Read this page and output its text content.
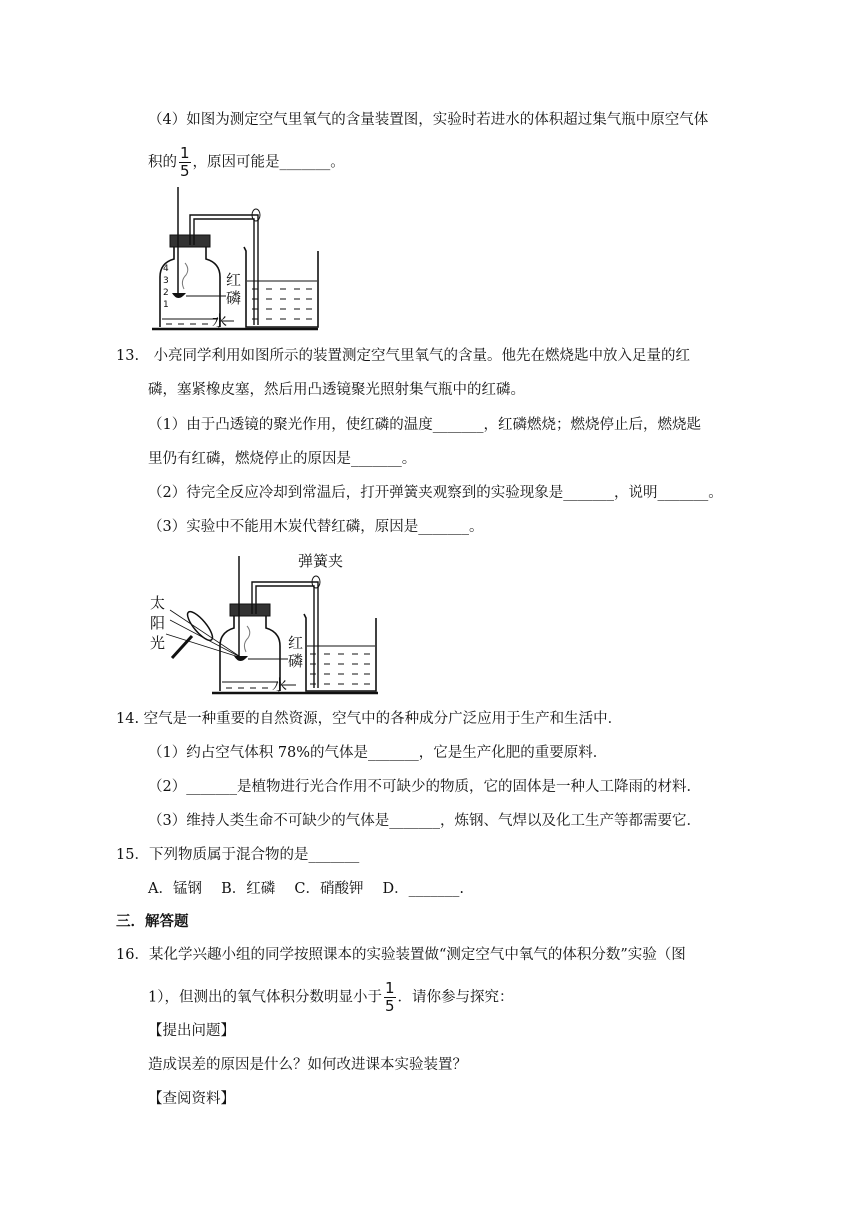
（4）如图为测定空气里氧气的含量装置图，实验时若进水的体积超过集气瓶中原空气体
积的 $\frac{1}{5}$ ，原因可能是_______。
4
3
2
1
红
磷
水
13.　小亮同学利用如图所示的装置测定空气里氧气的含量。他先在燃烧匙中放入足量的红
磷，塞紧橡皮塞，然后用凸透镜聚光照射集气瓶中的红磷。
（1）由于凸透镜的聚光作用，使红磷的温度_______，红磷燃烧；燃烧停止后，燃烧匙
里仍有红磷，燃烧停止的原因是_______。
（2）待完全反应冷却到常温后，打开弹簧夹观察到的实验现象是_______，说明_______。
（3）实验中不能用木炭代替红磷，原因是_______。
弹簧夹
太
阳
光	红
磷
水
14. 空气是一种重要的自然资源，空气中的各种成分广泛应用于生产和生活中．
（1）约占空气体积 78%的气体是_______，它是生产化肥的重要原料．
（2）_______是植物进行光合作用不可缺少的物质，它的固体是一种人工降雨的材料．
（3）维持人类生命不可缺少的气体是_______，炼钢、气焊以及化工生产等都需要它．
15．下列物质属于混合物的是_______
A．锰钢　 B．红磷　 C．硝酸钾　 D．_______.
三．解答题
16．某化学兴趣小组的同学按照课本的实验装置做“测定空气中氧气的体积分数”实验（图
1），但测出的氧气体积分数明显小于 $\frac{1}{5}$ ．请你参与探究：
【提出问题】
造成误差的原因是什么？如何改进课本实验装置？
【查阅资料】
